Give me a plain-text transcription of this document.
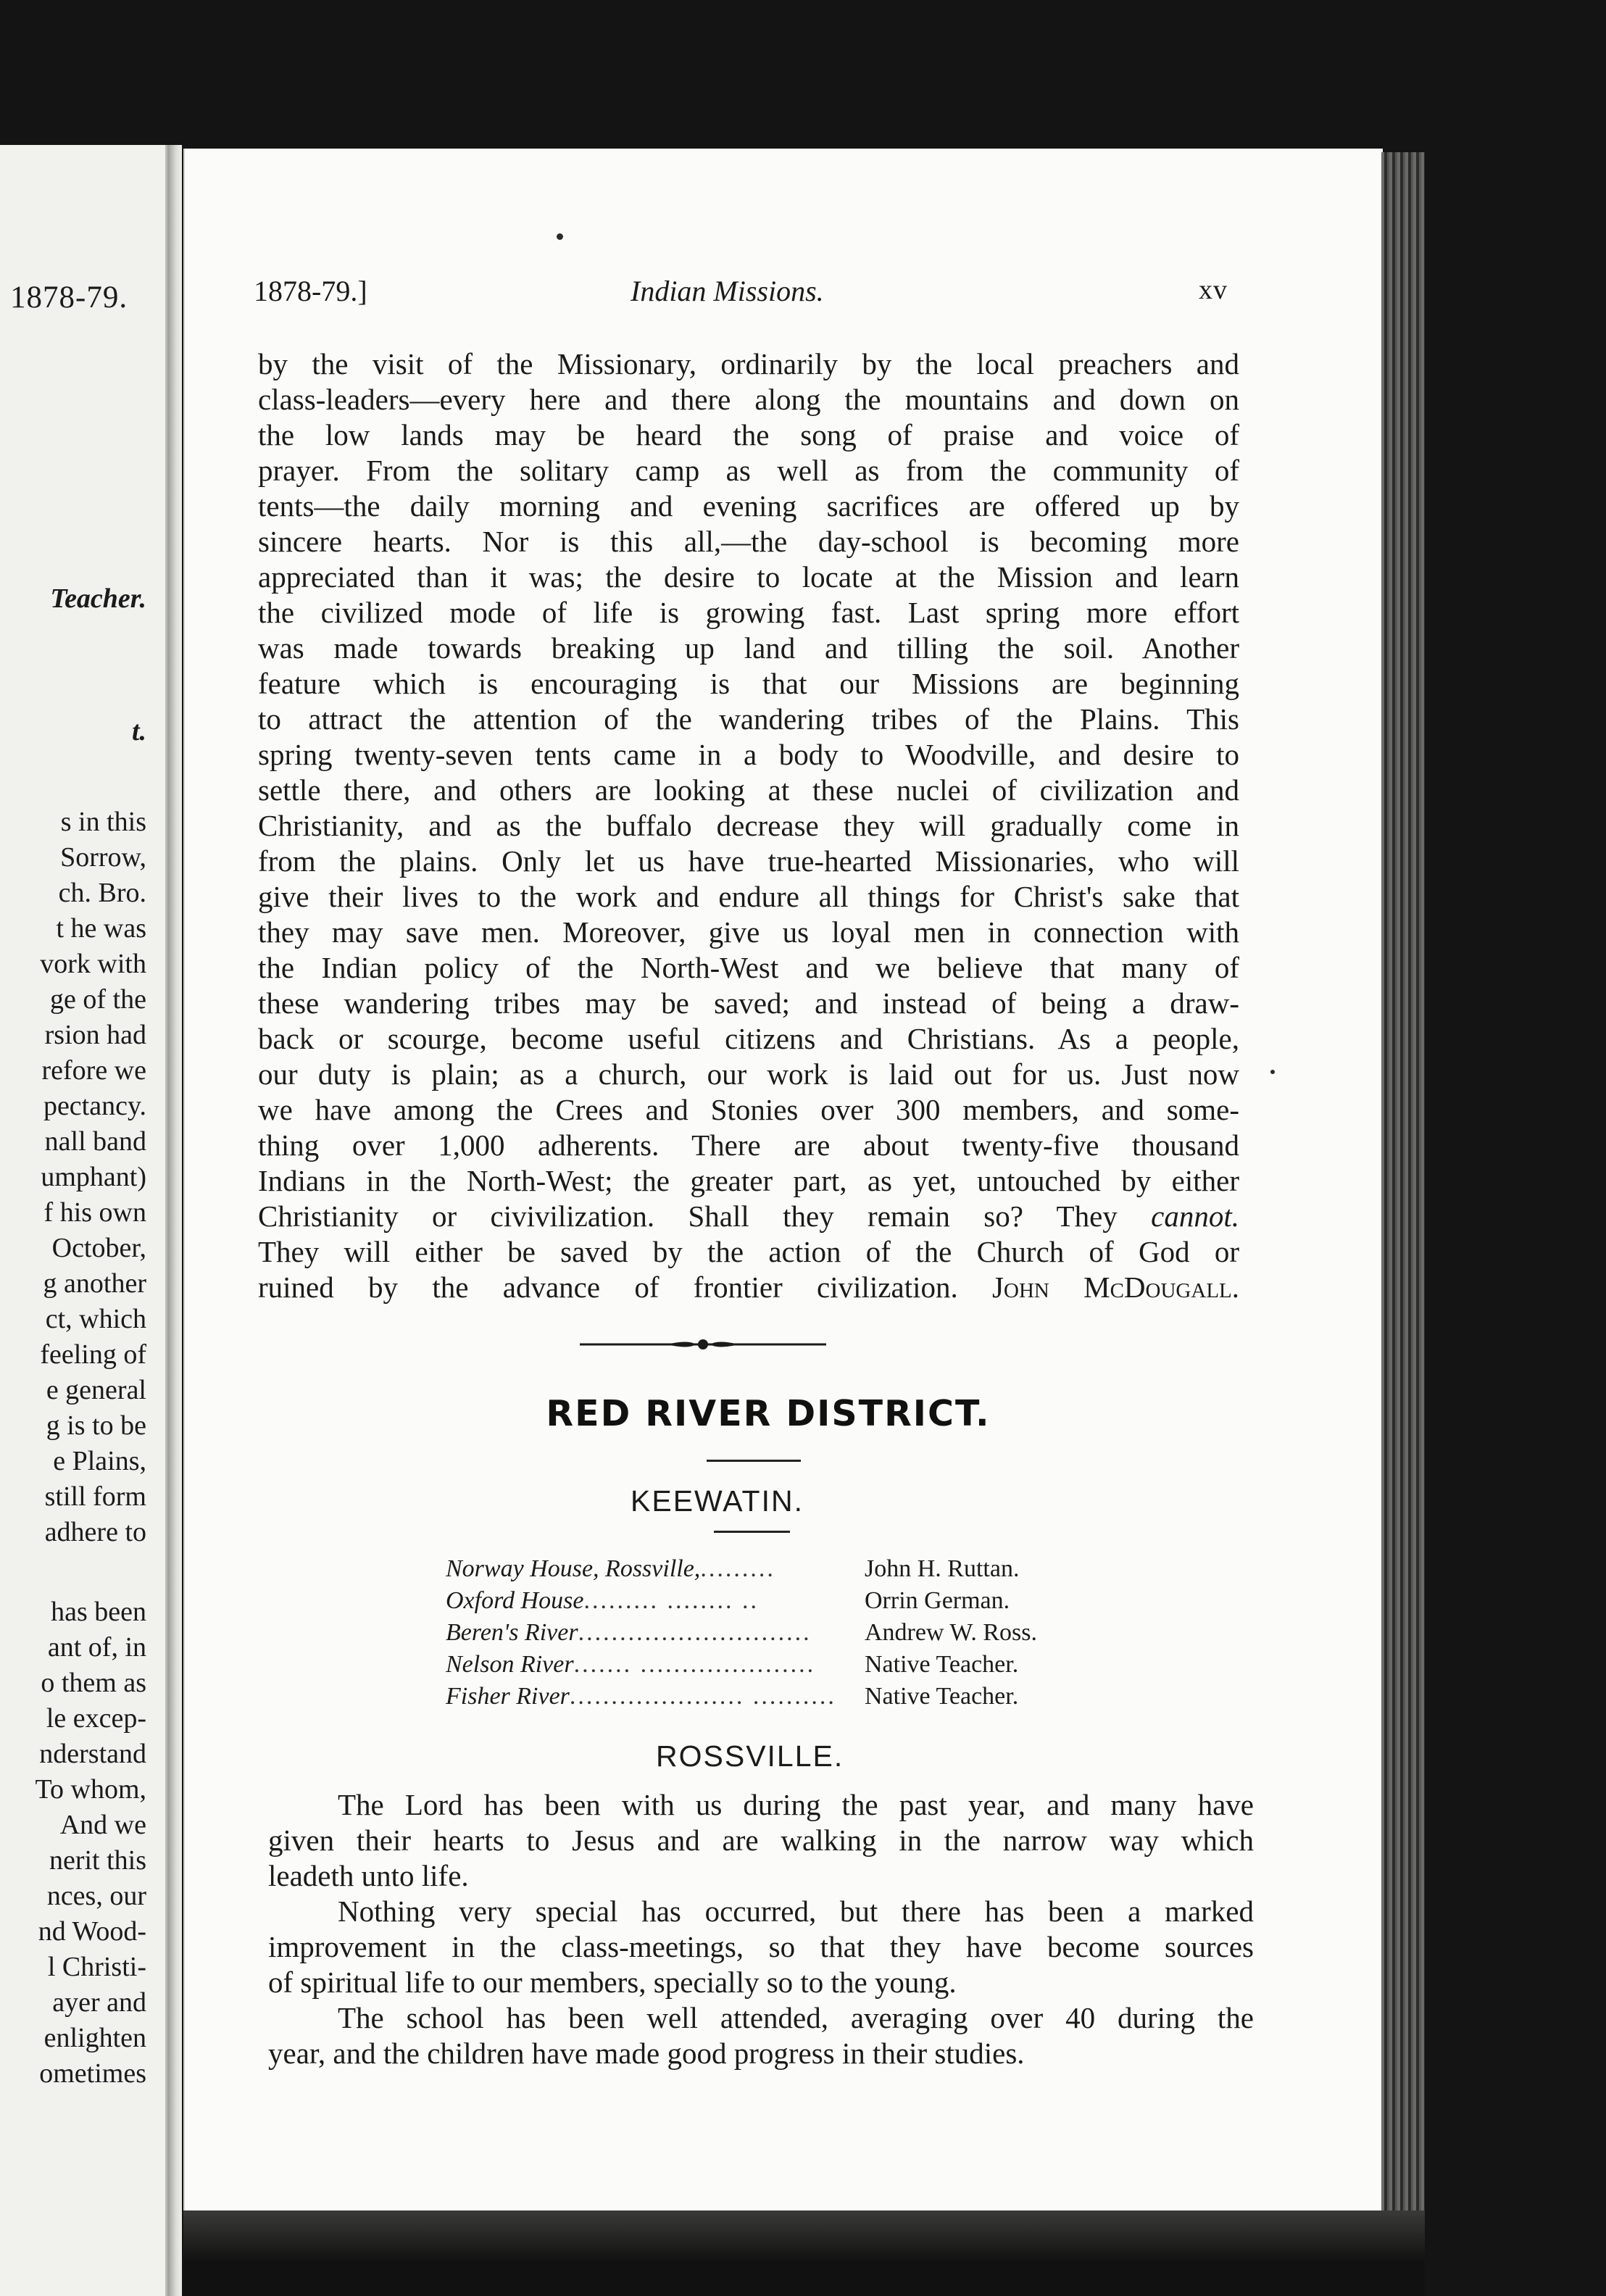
1878-79.
Teacher.
t.
s in this
Sorrow,
ch. Bro.
t he was
vork with
ge of the
rsion had
refore we
pectancy.
nall band
umphant)
f his own
October,
g another
ct, which
feeling of
e general
g is to be
e Plains,
still form
adhere to
has been
ant of, in
o them as
le excep-
nderstand
To whom,
And we
nerit this
nces, our
nd Wood-
l Christi-
ayer and
enlighten
ometimes
1878-79.]	Indian Missions.	xv
by the visit of the Missionary, ordinarily by the local preachers and
class-leaders—every here and there along the mountains and down on
the low lands may be heard the song of praise and voice of
prayer. From the solitary camp as well as from the community of
tents—the daily morning and evening sacrifices are offered up by
sincere hearts. Nor is this all,—the day-school is becoming more
appreciated than it was; the desire to locate at the Mission and learn
the civilized mode of life is growing fast. Last spring more effort
was made towards breaking up land and tilling the soil. Another
feature which is encouraging is that our Missions are beginning
to attract the attention of the wandering tribes of the Plains. This
spring twenty-seven tents came in a body to Woodville, and desire to
settle there, and others are looking at these nuclei of civilization and
Christianity, and as the buffalo decrease they will gradually come in
from the plains. Only let us have true-hearted Missionaries, who will
give their lives to the work and endure all things for Christ's sake that
they may save men. Moreover, give us loyal men in connection with
the Indian policy of the North-West and we believe that many of
these wandering tribes may be saved; and instead of being a draw-
back or scourge, become useful citizens and Christians. As a people,
our duty is plain; as a church, our work is laid out for us. Just now
we have among the Crees and Stonies over 300 members, and some-
thing over 1,000 adherents. There are about twenty-five thousand
Indians in the North-West; the greater part, as yet, untouched by either
Christianity or civivilization. Shall they remain so? They cannot.
They will either be saved by the action of the Church of God or
ruined by the advance of frontier civilization. John McDougall.
RED RIVER DISTRICT.
KEEWATIN.
Norway House, Rossville,.........	John H. Ruttan.
Oxford House......... ........ ..	Orrin German.
Beren's River............................	Andrew W. Ross.
Nelson River....... .....................	Native Teacher.
Fisher River..................... .......... Native Teacher.
ROSSVILLE.
The Lord has been with us during the past year, and many have
given their hearts to Jesus and are walking in the narrow way which
leadeth unto life.
Nothing very special has occurred, but there has been a marked
improvement in the class-meetings, so that they have become sources
of spiritual life to our members, specially so to the young.
The school has been well attended, averaging over 40 during the
year, and the children have made good progress in their studies.
